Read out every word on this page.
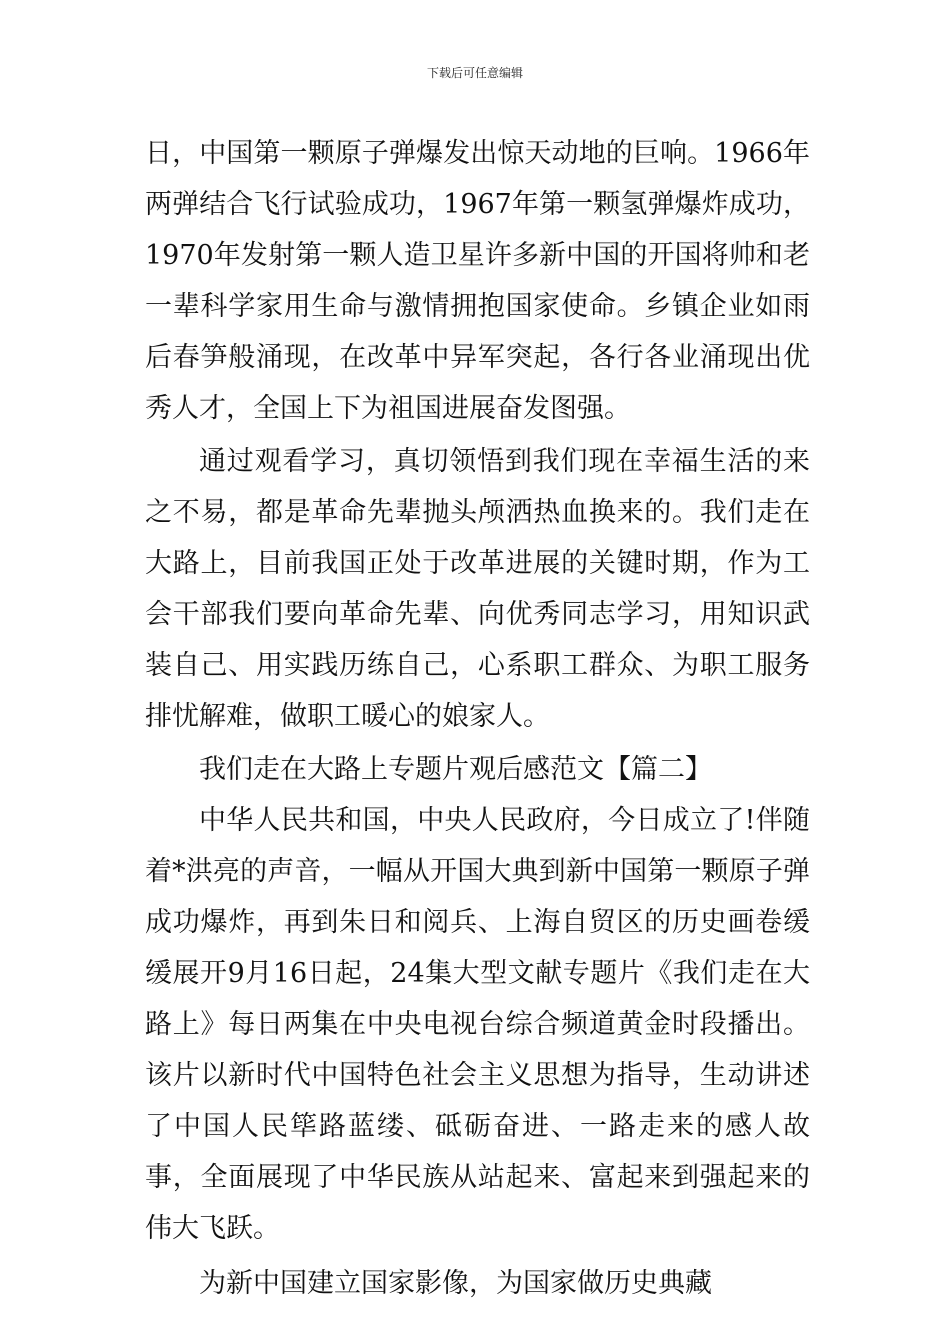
下载后可任意编辑

日，中国第一颗原子弹爆发出惊天动地的巨响。1966年两弹结合飞行试验成功，1967年第一颗氢弹爆炸成功，1970年发射第一颗人造卫星许多新中国的开国将帅和老一辈科学家用生命与激情拥抱国家使命。乡镇企业如雨后春笋般涌现，在改革中异军突起，各行各业涌现出优秀人才，全国上下为祖国进展奋发图强。

通过观看学习，真切领悟到我们现在幸福生活的来之不易，都是革命先辈抛头颅洒热血换来的。我们走在大路上，目前我国正处于改革进展的关键时期，作为工会干部我们要向革命先辈、向优秀同志学习，用知识武装自己、用实践历练自己，心系职工群众、为职工服务排忧解难，做职工暖心的娘家人。

我们走在大路上专题片观后感范文【篇二】

中华人民共和国，中央人民政府，今日成立了!伴随着*洪亮的声音，一幅从开国大典到新中国第一颗原子弹成功爆炸，再到朱日和阅兵、上海自贸区的历史画卷缓缓展开9月16日起，24集大型文献专题片《我们走在大路上》每日两集在中央电视台综合频道黄金时段播出。该片以新时代中国特色社会主义思想为指导，生动讲述了中国人民筚路蓝缕、砥砺奋进、一路走来的感人故事，全面展现了中华民族从站起来、富起来到强起来的伟大飞跃。

为新中国建立国家影像，为国家做历史典藏
